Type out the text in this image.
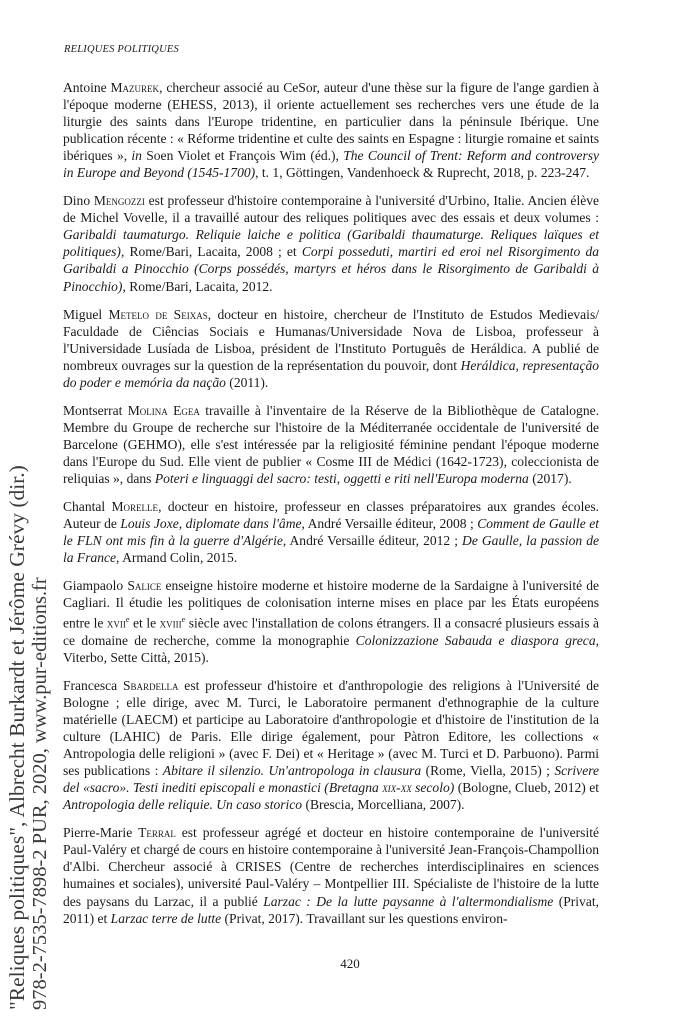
RELIQUES POLITIQUES

Antoine Mazurek, chercheur associé au CeSor, auteur d'une thèse sur la figure de l'ange gardien à l'époque moderne (EHESS, 2013), il oriente actuellement ses recherches vers une étude de la liturgie des saints dans l'Europe tridentine, en particulier dans la péninsule Ibérique. Une publication récente : « Réforme tridentine et culte des saints en Espagne : liturgie romaine et saints ibériques », in Soen Violet et François Wim (éd.), The Council of Trent: Reform and controversy in Europe and Beyond (1545-1700), t. 1, Göttingen, Vandenhoeck & Ruprecht, 2018, p. 223-247.

Dino Mengozzi est professeur d'histoire contemporaine à l'université d'Urbino, Italie. Ancien élève de Michel Vovelle, il a travaillé autour des reliques politiques avec des essais et deux volumes : Garibaldi taumaturgo. Reliquie laiche e politica (Garibaldi thaumaturge. Reliques laïques et politiques), Rome/Bari, Lacaita, 2008 ; et Corpi posseduti, martiri ed eroi nel Risorgimento da Garibaldi a Pinocchio (Corps possédés, martyrs et héros dans le Risorgimento de Garibaldi à Pinocchio), Rome/Bari, Lacaita, 2012.

Miguel Metelo de Seixas, docteur en histoire, chercheur de l'Instituto de Estudos Medievais/ Faculdade de Ciências Sociais e Humanas/Universidade Nova de Lisboa, professeur à l'Universidade Lusíada de Lisboa, président de l'Instituto Português de Heráldica. A publié de nombreux ouvrages sur la question de la représentation du pouvoir, dont Heráldica, representação do poder e memória da nação (2011).

Montserrat Molina Egea travaille à l'inventaire de la Réserve de la Bibliothèque de Catalogne. Membre du Groupe de recherche sur l'histoire de la Méditerranée occidentale de l'université de Barcelone (GEHMO), elle s'est intéressée par la religiosité féminine pendant l'époque moderne dans l'Europe du Sud. Elle vient de publier « Cosme III de Médici (1642-1723), coleccionista de reliquias », dans Poteri e linguaggi del sacro: testi, oggetti e riti nell'Europa moderna (2017).

Chantal Morelle, docteur en histoire, professeur en classes préparatoires aux grandes écoles. Auteur de Louis Joxe, diplomate dans l'âme, André Versaille éditeur, 2008 ; Comment de Gaulle et le FLN ont mis fin à la guerre d'Algérie, André Versaille éditeur, 2012 ; De Gaulle, la passion de la France, Armand Colin, 2015.

Giampaolo Salice enseigne histoire moderne et histoire moderne de la Sardaigne à l'université de Cagliari. Il étudie les politiques de colonisation interne mises en place par les États européens entre le xvii$^e$ et le xviii$^e$ siècle avec l'installation de colons étrangers. Il a consacré plusieurs essais à ce domaine de recherche, comme la monographie Colonizzazione Sabauda e diaspora greca, Viterbo, Sette Città, 2015).

Francesca Sbardella est professeur d'histoire et d'anthropologie des religions à l'Université de Bologne ; elle dirige, avec M. Turci, le Laboratoire permanent d'ethnographie de la culture matérielle (LAECM) et participe au Laboratoire d'anthropologie et d'histoire de l'institution de la culture (LAHIC) de Paris. Elle dirige également, pour Pàtron Editore, les collections « Antropologia delle religioni » (avec F. Dei) et « Heritage » (avec M. Turci et D. Parbuono). Parmi ses publications : Abitare il silenzio. Un'antropologa in clausura (Rome, Viella, 2015) ; Scrivere del «sacro». Testi inediti episcopali e monastici (Bretagna xix-xx secolo) (Bologne, Clueb, 2012) et Antropologia delle reliquie. Un caso storico (Brescia, Morcelliana, 2007).

Pierre-Marie Terral est professeur agrégé et docteur en histoire contemporaine de l'université Paul-Valéry et chargé de cours en histoire contemporaine à l'université Jean-François-Champollion d'Albi. Chercheur associé à CRISES (Centre de recherches interdisciplinaires en sciences humaines et sociales), université Paul-Valéry – Montpellier III. Spécialiste de l'histoire de la lutte des paysans du Larzac, il a publié Larzac : De la lutte paysanne à l'altermondialisme (Privat, 2011) et Larzac terre de lutte (Privat, 2017). Travaillant sur les questions environ-

420
"Reliques politiques", Albrecht Burkardt et Jérôme Grévy (dir.) 978-2-7535-7898-2 PUR, 2020, www.pur-editions.fr
